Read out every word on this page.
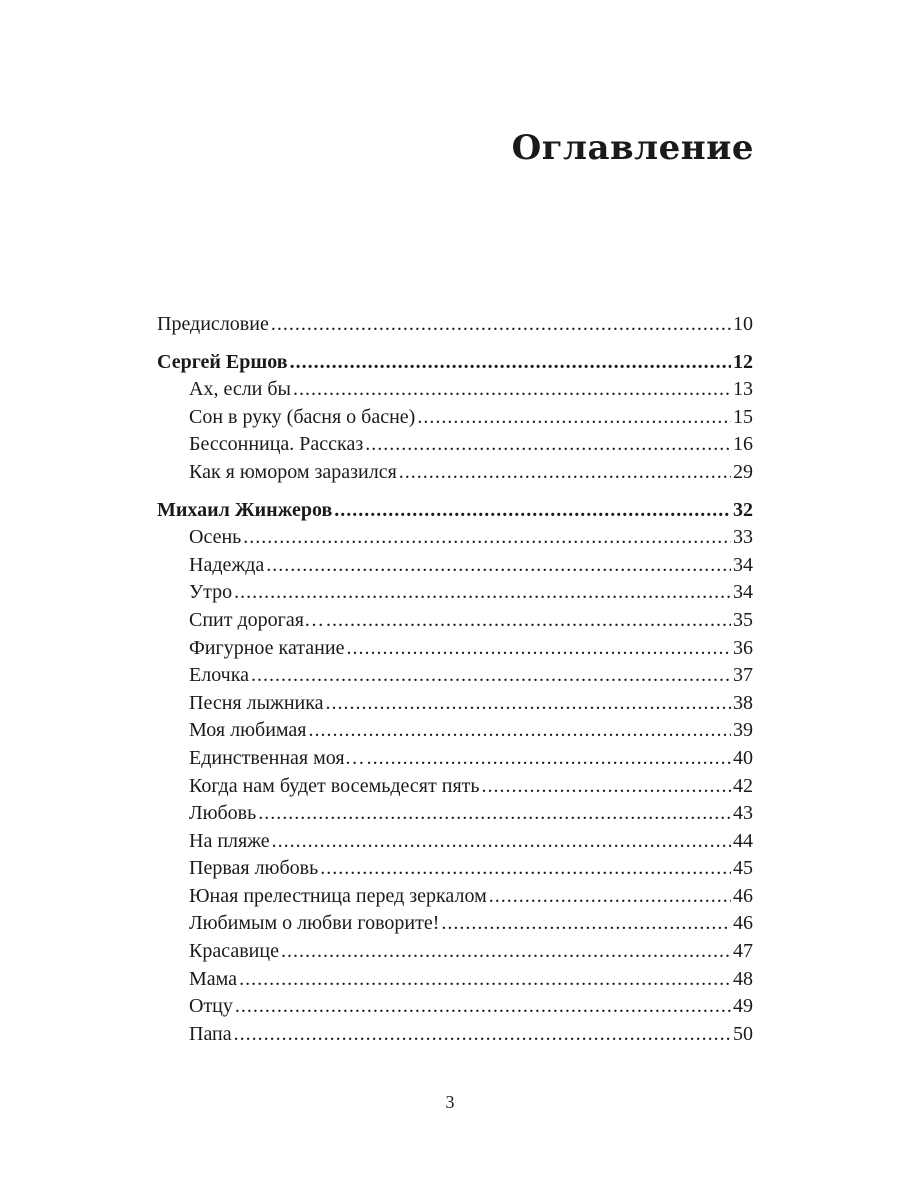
Оглавление
Предисловие .....	10
Сергей Ершов .....	12
Ах, если бы .....	13
Сон в руку (басня о басне) .....	15
Бессонница. Рассказ .....	16
Как я юмором заразился .....	29
Михаил Жинжеров .....	32
Осень .....	33
Надежда .....	34
Утро .....	34
Спит дорогая… .....	35
Фигурное катание .....	36
Елочка .....	37
Песня лыжника .....	38
Моя любимая .....	39
Единственная моя… .....	40
Когда нам будет восемьдесят пять .....	42
Любовь .....	43
На пляже .....	44
Первая любовь .....	45
Юная прелестница перед зеркалом .....	46
Любимым о любви говорите! .....	46
Красавице .....	47
Мама .....	48
Отцу .....	49
Папа .....	50
3
